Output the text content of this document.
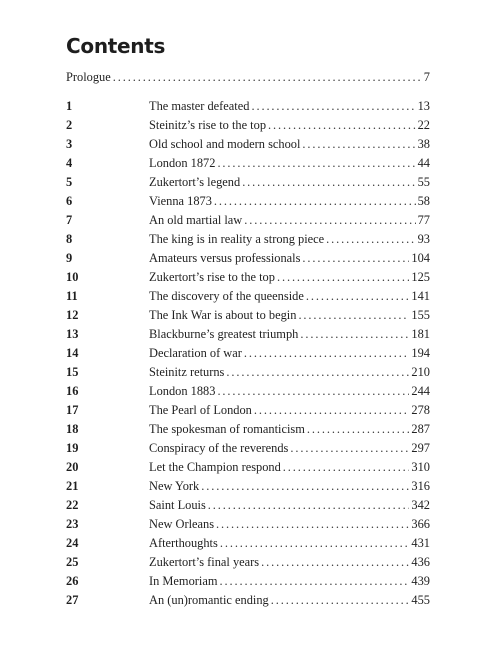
Contents
Prologue . . .	7
1	The master defeated . . .	13
2	Steinitz’s rise to the top . . .	22
3	Old school and modern school . . .	38
4	London 1872 . . .	44
5	Zukertort’s legend . . .	55
6	Vienna 1873 . . .	58
7	An old martial law . . .	77
8	The king is in reality a strong piece . . .	93
9	Amateurs versus professionals . . .	104
10	Zukertort’s rise to the top . . .	125
11	The discovery of the queenside . . .	141
12	The Ink War is about to begin . . .	155
13	Blackburne’s greatest triumph . . .	181
14	Declaration of war . . .	194
15	Steinitz returns . . .	210
16	London 1883 . . .	244
17	The Pearl of London . . .	278
18	The spokesman of romanticism . . .	287
19	Conspiracy of the reverends . . .	297
20	Let the Champion respond . . .	310
21	New York . . .	316
22	Saint Louis . . .	342
23	New Orleans . . .	366
24	Afterthoughts . . .	431
25	Zukertort’s final years . . .	436
26	In Memoriam . . .	439
27	An (un)romantic ending . . .	455
